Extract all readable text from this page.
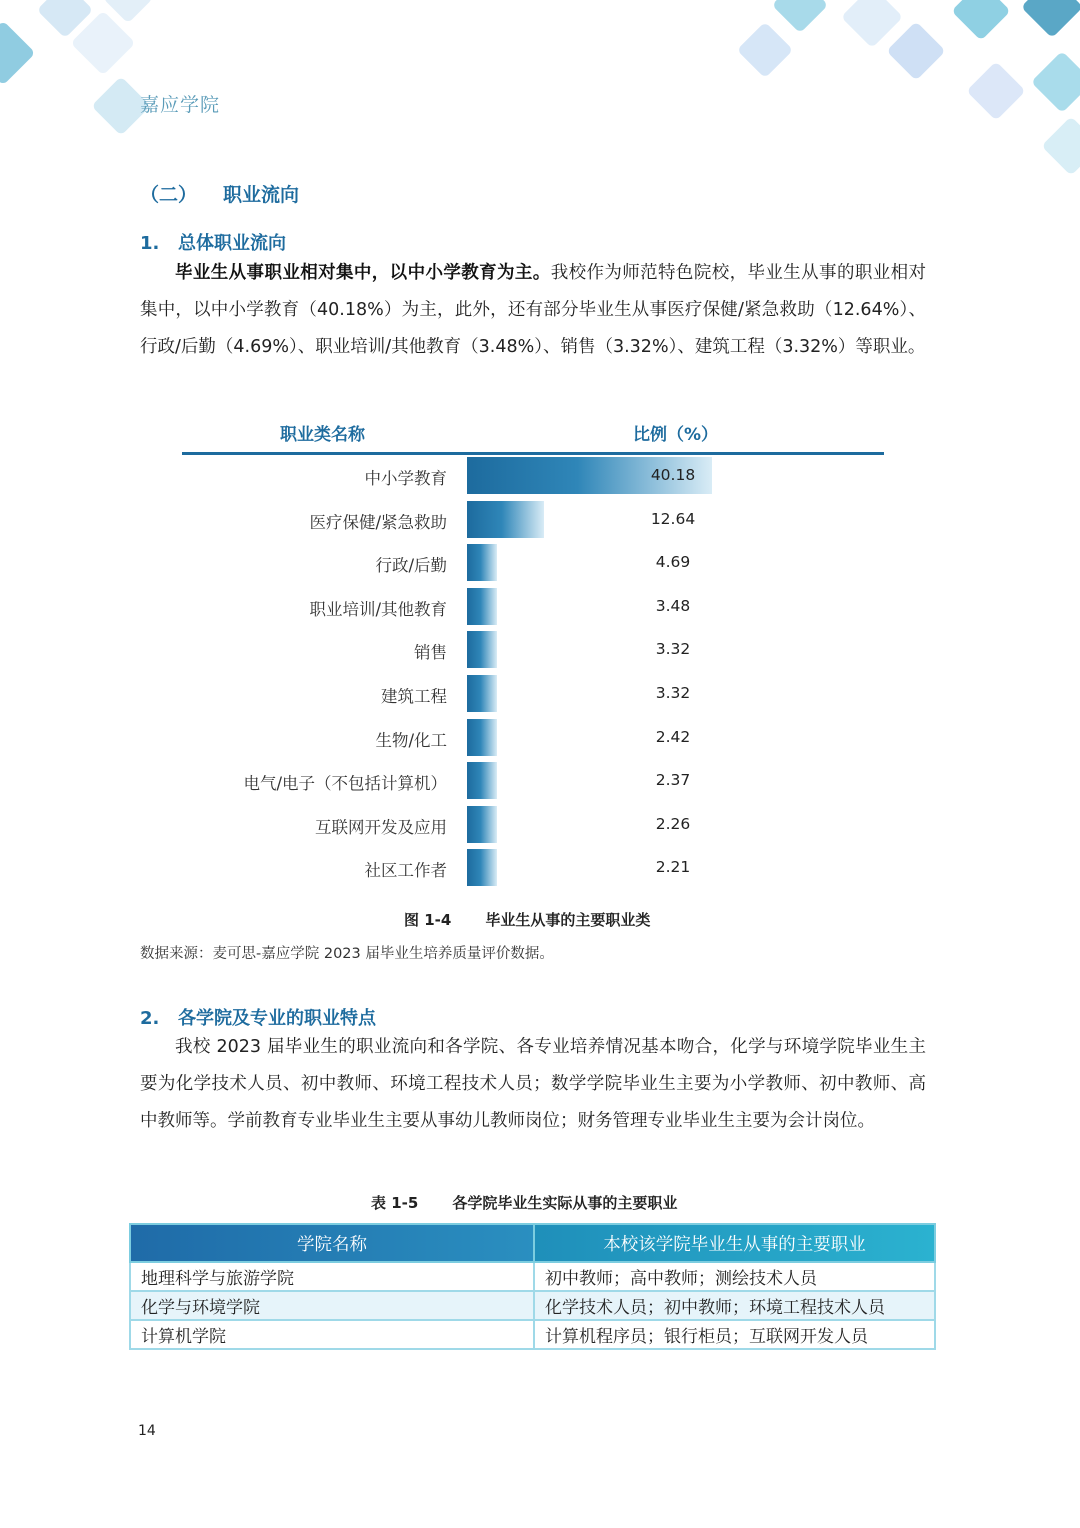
嘉应学院
（二） 职业流向
1. 总体职业流向
毕业生从事职业相对集中，以中小学教育为主。我校作为师范特色院校，毕业生从事的职业相对集中，以中小学教育（40.18%）为主，此外，还有部分毕业生从事医疗保健/紧急救助（12.64%）、行政/后勤（4.69%）、职业培训/其他教育（3.48%）、销售（3.32%）、建筑工程（3.32%）等职业。
职业类名称	比例（%）
中小学教育	40.18
医疗保健/紧急救助	12.64
行政/后勤	4.69
职业培训/其他教育	3.48
销售	3.32
建筑工程	3.32
生物/化工	2.42
电气/电子（不包括计算机）	2.37
互联网开发及应用	2.26
社区工作者	2.21
图 1-4 毕业生从事的主要职业类
数据来源：麦可思-嘉应学院 2023 届毕业生培养质量评价数据。
2. 各学院及专业的职业特点
我校 2023 届毕业生的职业流向和各学院、各专业培养情况基本吻合，化学与环境学院毕业生主要为化学技术人员、初中教师、环境工程技术人员；数学学院毕业生主要为小学教师、初中教师、高中教师等。学前教育专业毕业生主要从事幼儿教师岗位；财务管理专业毕业生主要为会计岗位。
表 1-5 各学院毕业生实际从事的主要职业
学院名称	本校该学院毕业生从事的主要职业
地理科学与旅游学院	初中教师；高中教师；测绘技术人员
化学与环境学院	化学技术人员；初中教师；环境工程技术人员
计算机学院	计算机程序员；银行柜员；互联网开发人员
14
